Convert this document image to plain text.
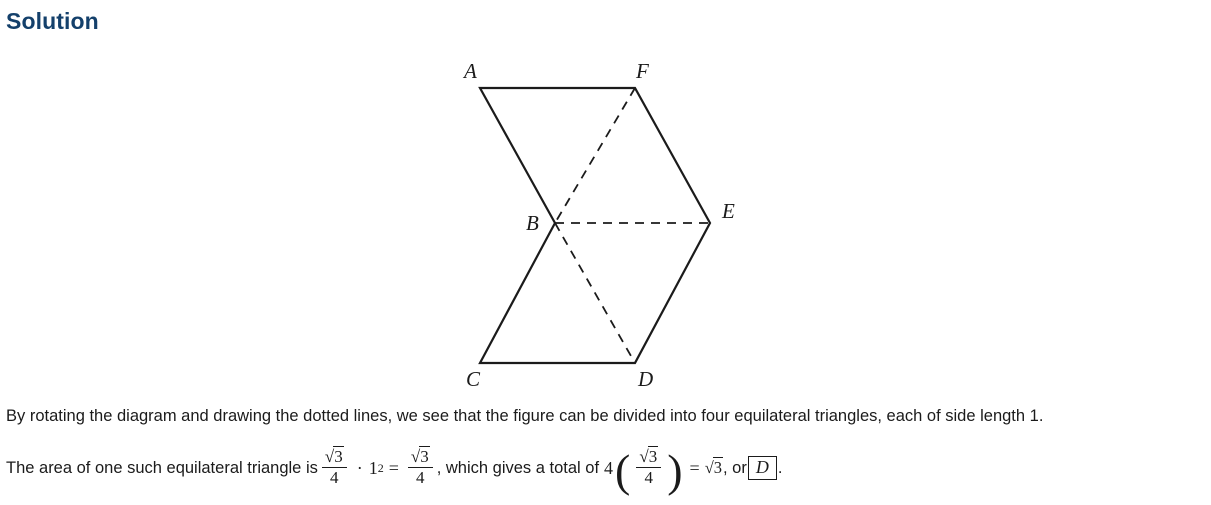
Solution
A	F
B	E
C	D
By rotating the diagram and drawing the dotted lines, we see that the figure can be divided into four equilateral triangles, each of side length 1.
The area of one such equilateral triangle is $\frac{√3}{4} \cdot 1$ $2 = \frac{√3}{4}$ , which gives a total of 4 ( $\frac{√3}{4}$ ) = √3 , or D .
